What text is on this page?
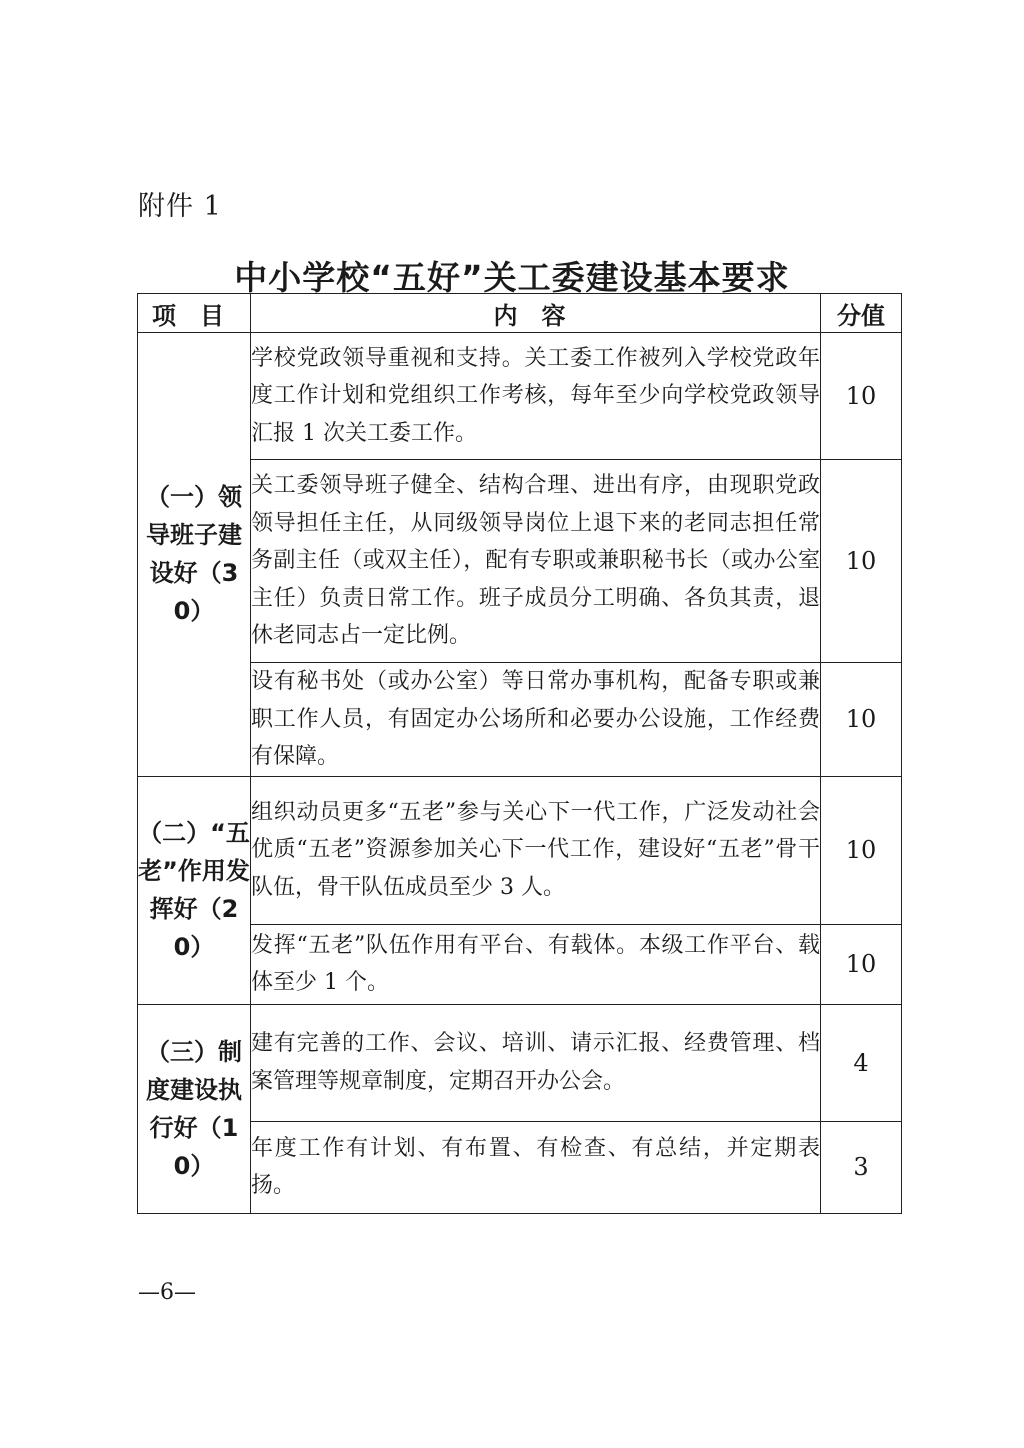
附件 1
中小学校“五好”关工委建设基本要求
项目	内容	分值
（一）领导班子建设好（30）	学校党政领导重视和支持。关工委工作被列入学校党政年度工作计划和党组织工作考核，每年至少向学校党政领导汇报 1 次关工委工作。	10
	关工委领导班子健全、结构合理、进出有序，由现职党政领导担任主任，从同级领导岗位上退下来的老同志担任常务副主任（或双主任），配有专职或兼职秘书长（或办公室主任）负责日常工作。班子成员分工明确、各负其责，退休老同志占一定比例。	10
	设有秘书处（或办公室）等日常办事机构，配备专职或兼职工作人员，有固定办公场所和必要办公设施，工作经费有保障。	10
（二）“五老”作用发挥好（20）	组织动员更多“五老”参与关心下一代工作，广泛发动社会优质“五老”资源参加关心下一代工作，建设好“五老”骨干队伍，骨干队伍成员至少 3 人。	10
	发挥“五老”队伍作用有平台、有载体。本级工作平台、载体至少 1 个。	10
（三）制度建设执行好（10）	建有完善的工作、会议、培训、请示汇报、经费管理、档案管理等规章制度，定期召开办公会。	4
	年度工作有计划、有布置、有检查、有总结，并定期表扬。	3
—6—
